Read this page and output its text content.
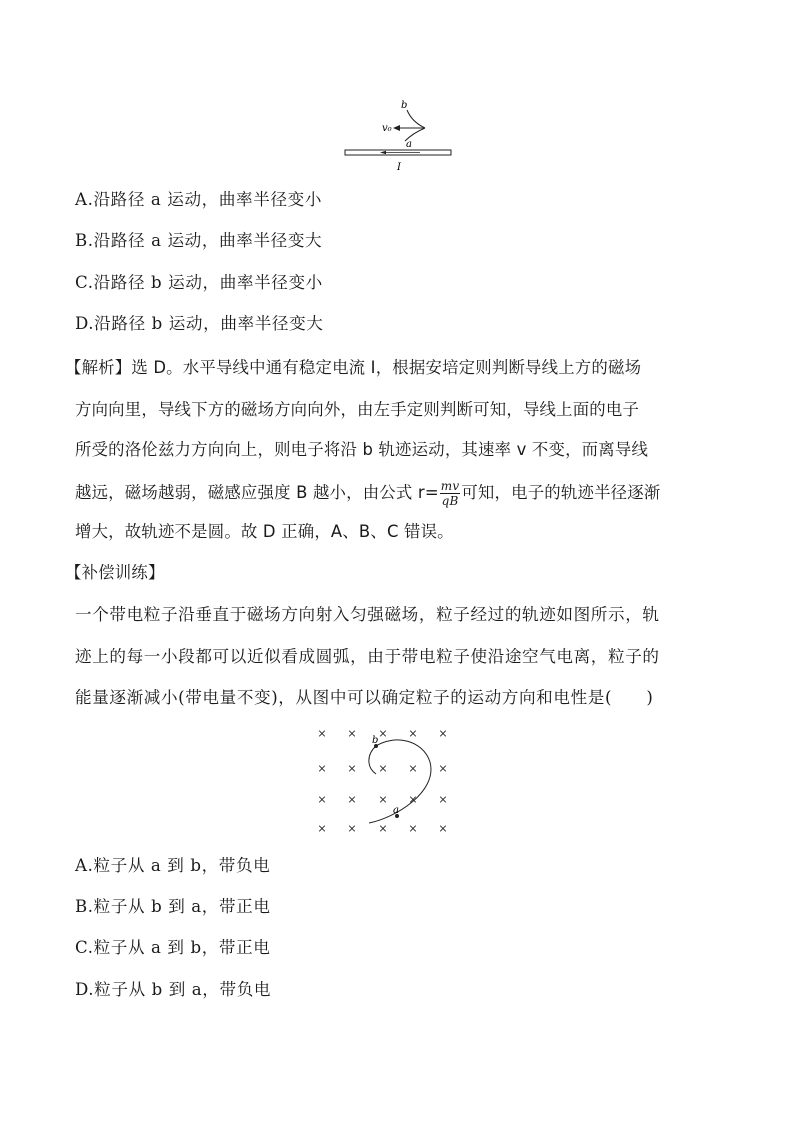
b
v₀
a
I
A.沿路径 a 运动，曲率半径变小
B.沿路径 a 运动，曲率半径变大
C.沿路径 b 运动，曲率半径变小
D.沿路径 b 运动，曲率半径变大
【解析】选 D。水平导线中通有稳定电流 I，根据安培定则判断导线上方的磁场
方向向里，导线下方的磁场方向向外，由左手定则判断可知，导线上面的电子
所受的洛伦兹力方向向上，则电子将沿 b 轨迹运动，其速率 v 不变，而离导线
越远，磁场越弱，磁感应强度 B 越小，由公式 $r= \frac{mv}{qB}$ 可知，电子的轨迹半径逐渐
增大，故轨迹不是圆。故 D 正确，A、B、C 错误。
【补偿训练】
一个带电粒子沿垂直于磁场方向射入匀强磁场，粒子经过的轨迹如图所示，轨
迹上的每一小段都可以近似看成圆弧，由于带电粒子使沿途空气电离，粒子的
能量逐渐减小(带电量不变)，从图中可以确定粒子的运动方向和电性是(　　)
× × × × ×
× × × × ×
× × × × ×
× × × × ×
b
a
A.粒子从 a 到 b，带负电
B.粒子从 b 到 a，带正电
C.粒子从 a 到 b，带正电
D.粒子从 b 到 a，带负电
